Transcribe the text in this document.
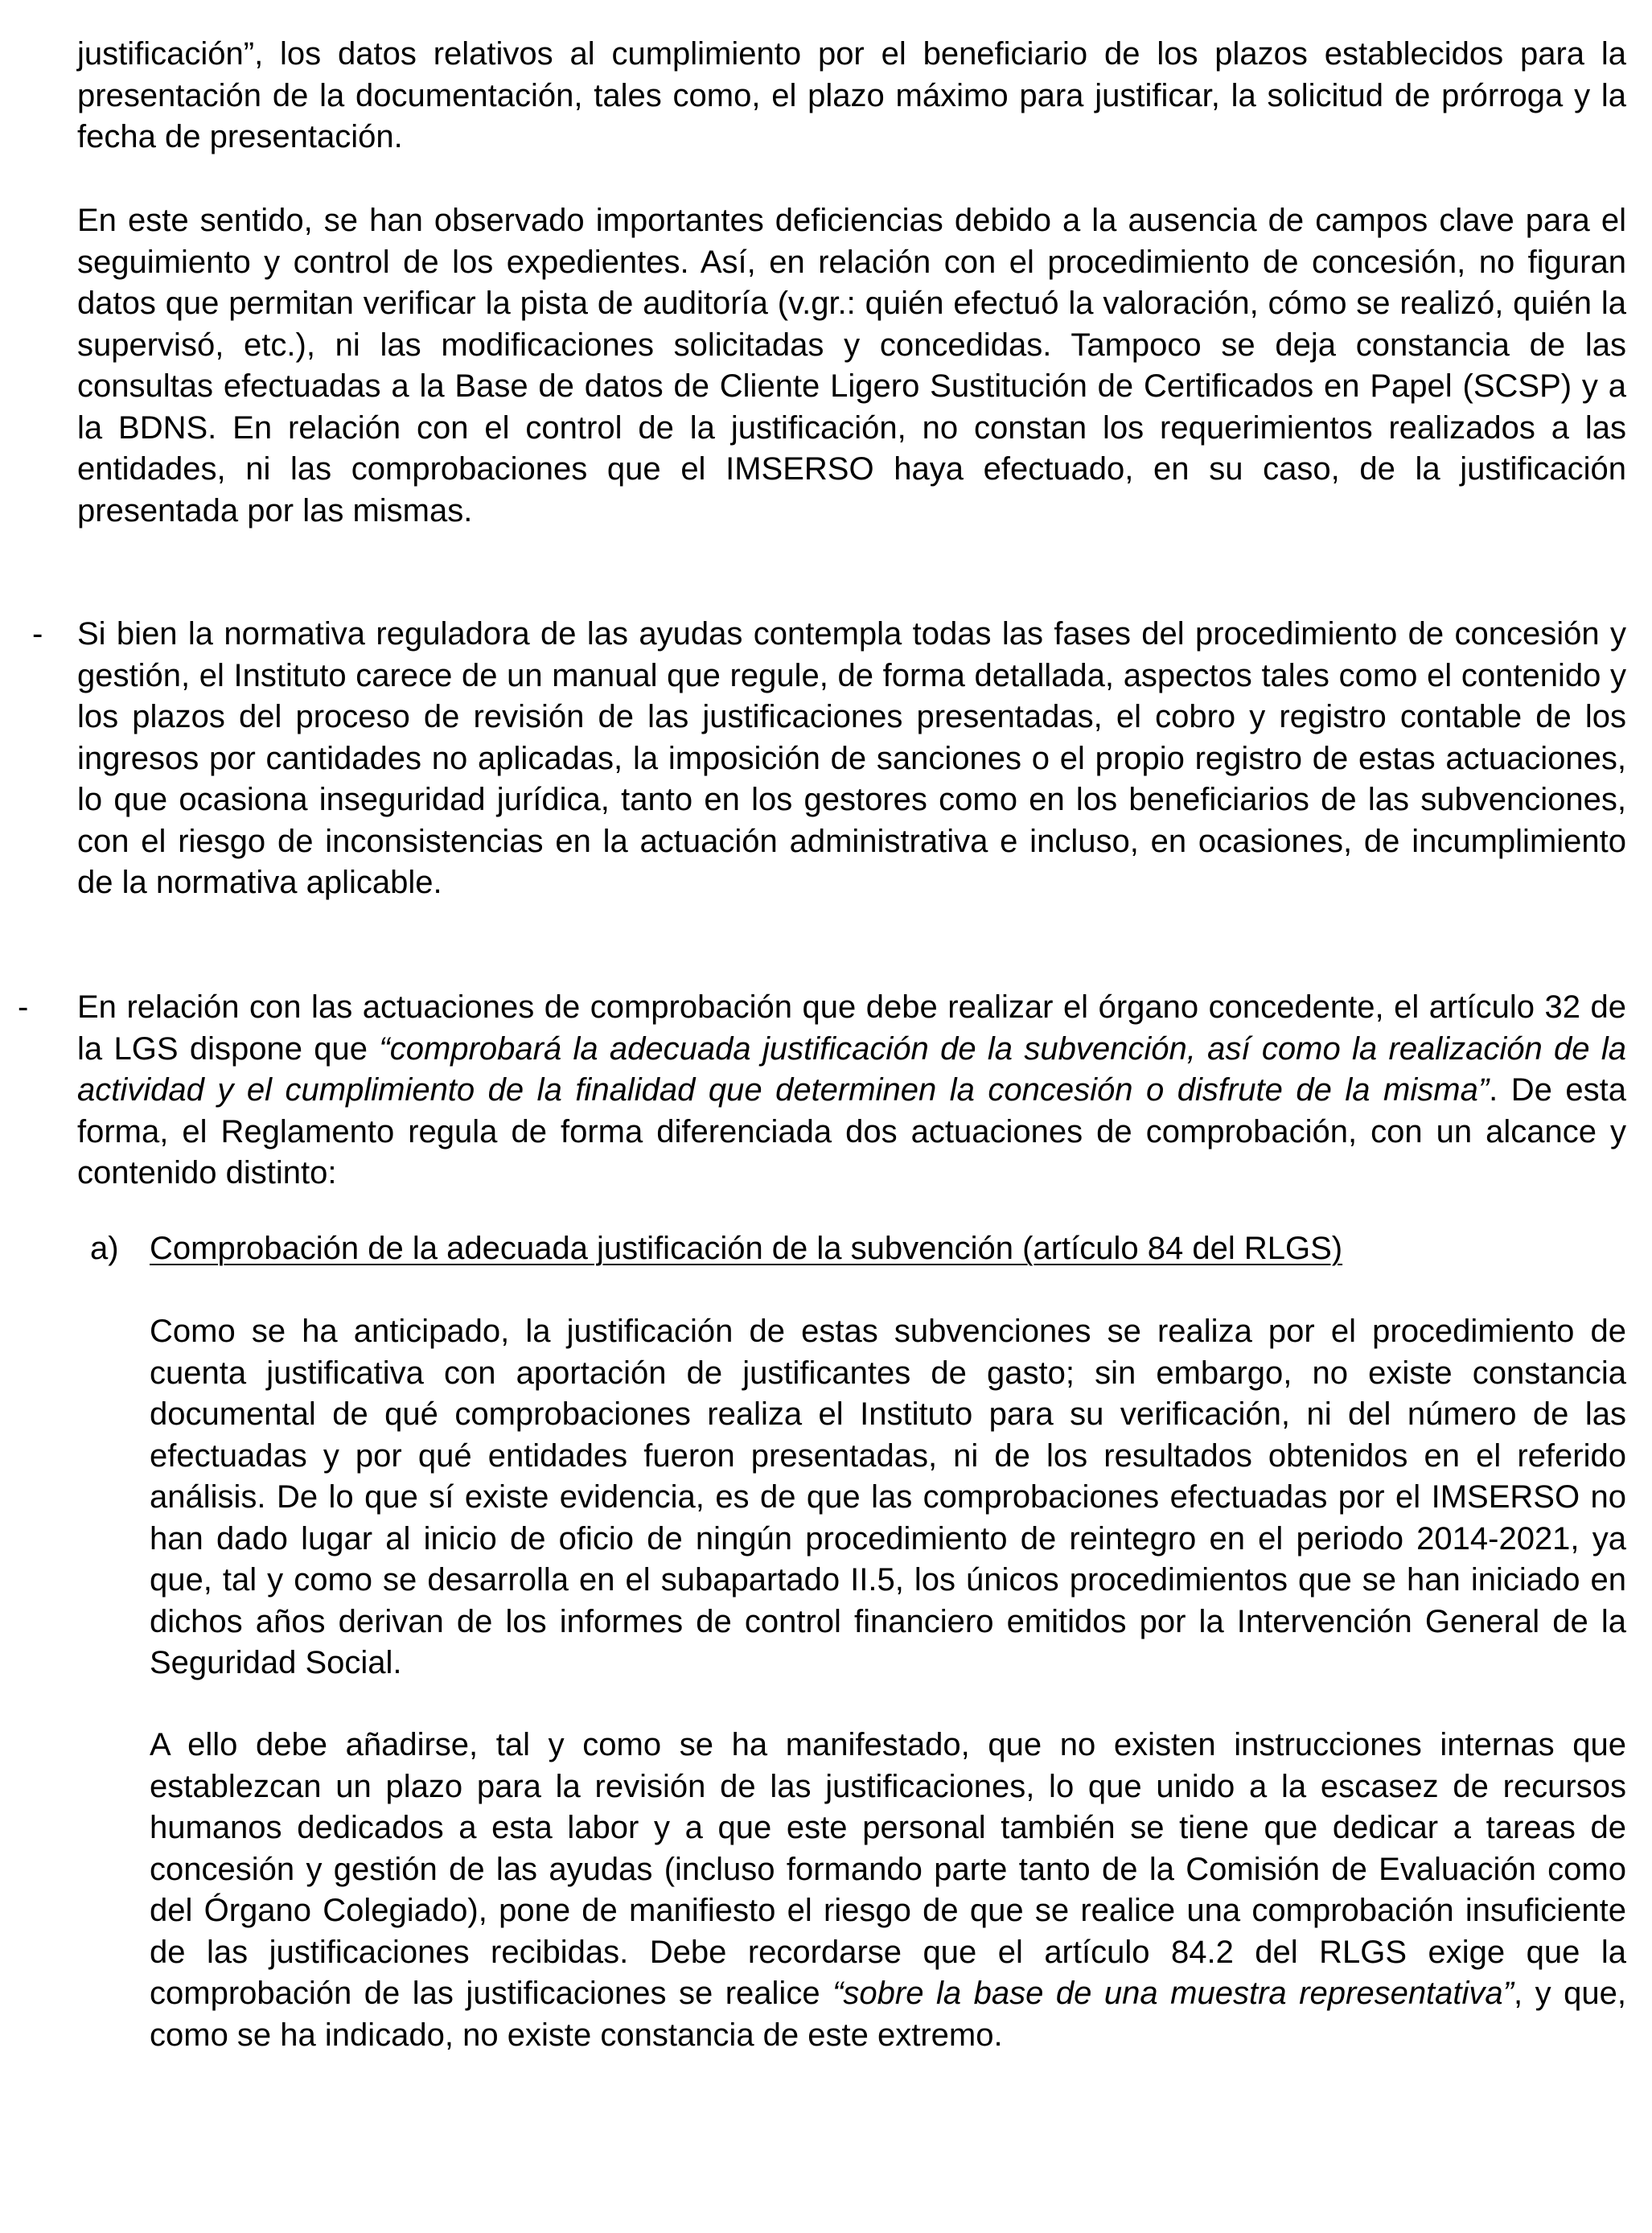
justificación”, los datos relativos al cumplimiento por el beneficiario de los plazos establecidos para la presentación de la documentación, tales como, el plazo máximo para justificar, la solicitud de prórroga y la fecha de presentación.

En este sentido, se han observado importantes deficiencias debido a la ausencia de campos clave para el seguimiento y control de los expedientes. Así, en relación con el procedimiento de concesión, no figuran datos que permitan verificar la pista de auditoría (v.gr.: quién efectuó la valoración, cómo se realizó, quién la supervisó, etc.), ni las modificaciones solicitadas y concedidas. Tampoco se deja constancia de las consultas efectuadas a la Base de datos de Cliente Ligero Sustitución de Certificados en Papel (SCSP) y a la BDNS. En relación con el control de la justificación, no constan los requerimientos realizados a las entidades, ni las comprobaciones que el IMSERSO haya efectuado, en su caso, de la justificación presentada por las mismas.

- Si bien la normativa reguladora de las ayudas contempla todas las fases del procedimiento de concesión y gestión, el Instituto carece de un manual que regule, de forma detallada, aspectos tales como el contenido y los plazos del proceso de revisión de las justificaciones presentadas, el cobro y registro contable de los ingresos por cantidades no aplicadas, la imposición de sanciones o el propio registro de estas actuaciones, lo que ocasiona inseguridad jurídica, tanto en los gestores como en los beneficiarios de las subvenciones, con el riesgo de inconsistencias en la actuación administrativa e incluso, en ocasiones, de incumplimiento de la normativa aplicable.

- En relación con las actuaciones de comprobación que debe realizar el órgano concedente, el artículo 32 de la LGS dispone que “comprobará la adecuada justificación de la subvención, así como la realización de la actividad y el cumplimiento de la finalidad que determinen la concesión o disfrute de la misma”. De esta forma, el Reglamento regula de forma diferenciada dos actuaciones de comprobación, con un alcance y contenido distinto:

a) Comprobación de la adecuada justificación de la subvención (artículo 84 del RLGS)

Como se ha anticipado, la justificación de estas subvenciones se realiza por el procedimiento de cuenta justificativa con aportación de justificantes de gasto; sin embargo, no existe constancia documental de qué comprobaciones realiza el Instituto para su verificación, ni del número de las efectuadas y por qué entidades fueron presentadas, ni de los resultados obtenidos en el referido análisis. De lo que sí existe evidencia, es de que las comprobaciones efectuadas por el IMSERSO no han dado lugar al inicio de oficio de ningún procedimiento de reintegro en el periodo 2014-2021, ya que, tal y como se desarrolla en el subapartado II.5, los únicos procedimientos que se han iniciado en dichos años derivan de los informes de control financiero emitidos por la Intervención General de la Seguridad Social.

A ello debe añadirse, tal y como se ha manifestado, que no existen instrucciones internas que establezcan un plazo para la revisión de las justificaciones, lo que unido a la escasez de recursos humanos dedicados a esta labor y a que este personal también se tiene que dedicar a tareas de concesión y gestión de las ayudas (incluso formando parte tanto de la Comisión de Evaluación como del Órgano Colegiado), pone de manifiesto el riesgo de que se realice una comprobación insuficiente de las justificaciones recibidas. Debe recordarse que el artículo 84.2 del RLGS exige que la comprobación de las justificaciones se realice “sobre la base de una muestra representativa”, y que, como se ha indicado, no existe constancia de este extremo.
